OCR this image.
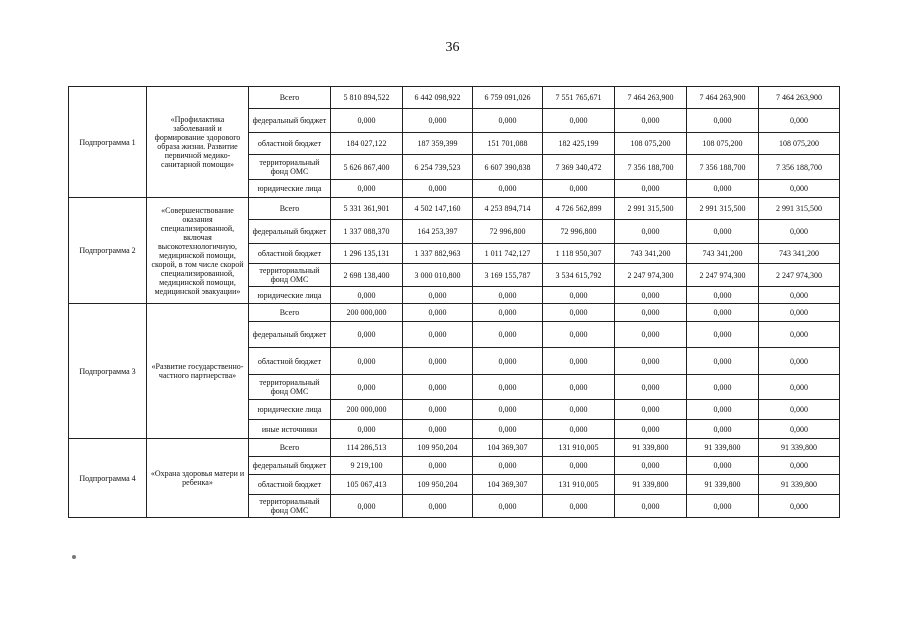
36
Подпрограмма 1	«Профилактика заболеваний и формирование здорового образа жизни. Развитие первичной медико-санитарной помощи»	Всего	5 810 894,522	6 442 098,922	6 759 091,026	7 551 765,671	7 464 263,900	7 464 263,900	7 464 263,900
		федеральный бюджет	0,000	0,000	0,000	0,000	0,000	0,000	0,000
		областной бюджет	184 027,122	187 359,399	151 701,088	182 425,199	108 075,200	108 075,200	108 075,200
		территориальный фонд ОМС	5 626 867,400	6 254 739,523	6 607 390,838	7 369 340,472	7 356 188,700	7 356 188,700	7 356 188,700
		юридические лица	0,000	0,000	0,000	0,000	0,000	0,000	0,000
Подпрограмма 2	«Совершенствование оказания специализированной, включая высокотехнологичную, медицинской помощи, скорой, в том числе скорой специализированной, медицинской помощи, медицинской эвакуации»	Всего	5 331 361,901	4 502 147,160	4 253 894,714	4 726 562,899	2 991 315,500	2 991 315,500	2 991 315,500
		федеральный бюджет	1 337 088,370	164 253,397	72 996,800	72 996,800	0,000	0,000	0,000
		областной бюджет	1 296 135,131	1 337 882,963	1 011 742,127	1 118 950,307	743 341,200	743 341,200	743 341,200
		территориальный фонд ОМС	2 698 138,400	3 000 010,800	3 169 155,787	3 534 615,792	2 247 974,300	2 247 974,300	2 247 974,300
		юридические лица	0,000	0,000	0,000	0,000	0,000	0,000	0,000
Подпрограмма 3	«Развитие государственно-частного партнерства»	Всего	200 000,000	0,000	0,000	0,000	0,000	0,000	0,000
		федеральный бюджет	0,000	0,000	0,000	0,000	0,000	0,000	0,000
		областной бюджет	0,000	0,000	0,000	0,000	0,000	0,000	0,000
		территориальный фонд ОМС	0,000	0,000	0,000	0,000	0,000	0,000	0,000
		юридические лица	200 000,000	0,000	0,000	0,000	0,000	0,000	0,000
		иные источники	0,000	0,000	0,000	0,000	0,000	0,000	0,000
Подпрограмма 4	«Охрана здоровья матери и ребенка»	Всего	114 286,513	109 950,204	104 369,307	131 910,005	91 339,800	91 339,800	91 339,800
		федеральный бюджет	9 219,100	0,000	0,000	0,000	0,000	0,000	0,000
		областной бюджет	105 067,413	109 950,204	104 369,307	131 910,005	91 339,800	91 339,800	91 339,800
		территориальный фонд ОМС	0,000	0,000	0,000	0,000	0,000	0,000	0,000
